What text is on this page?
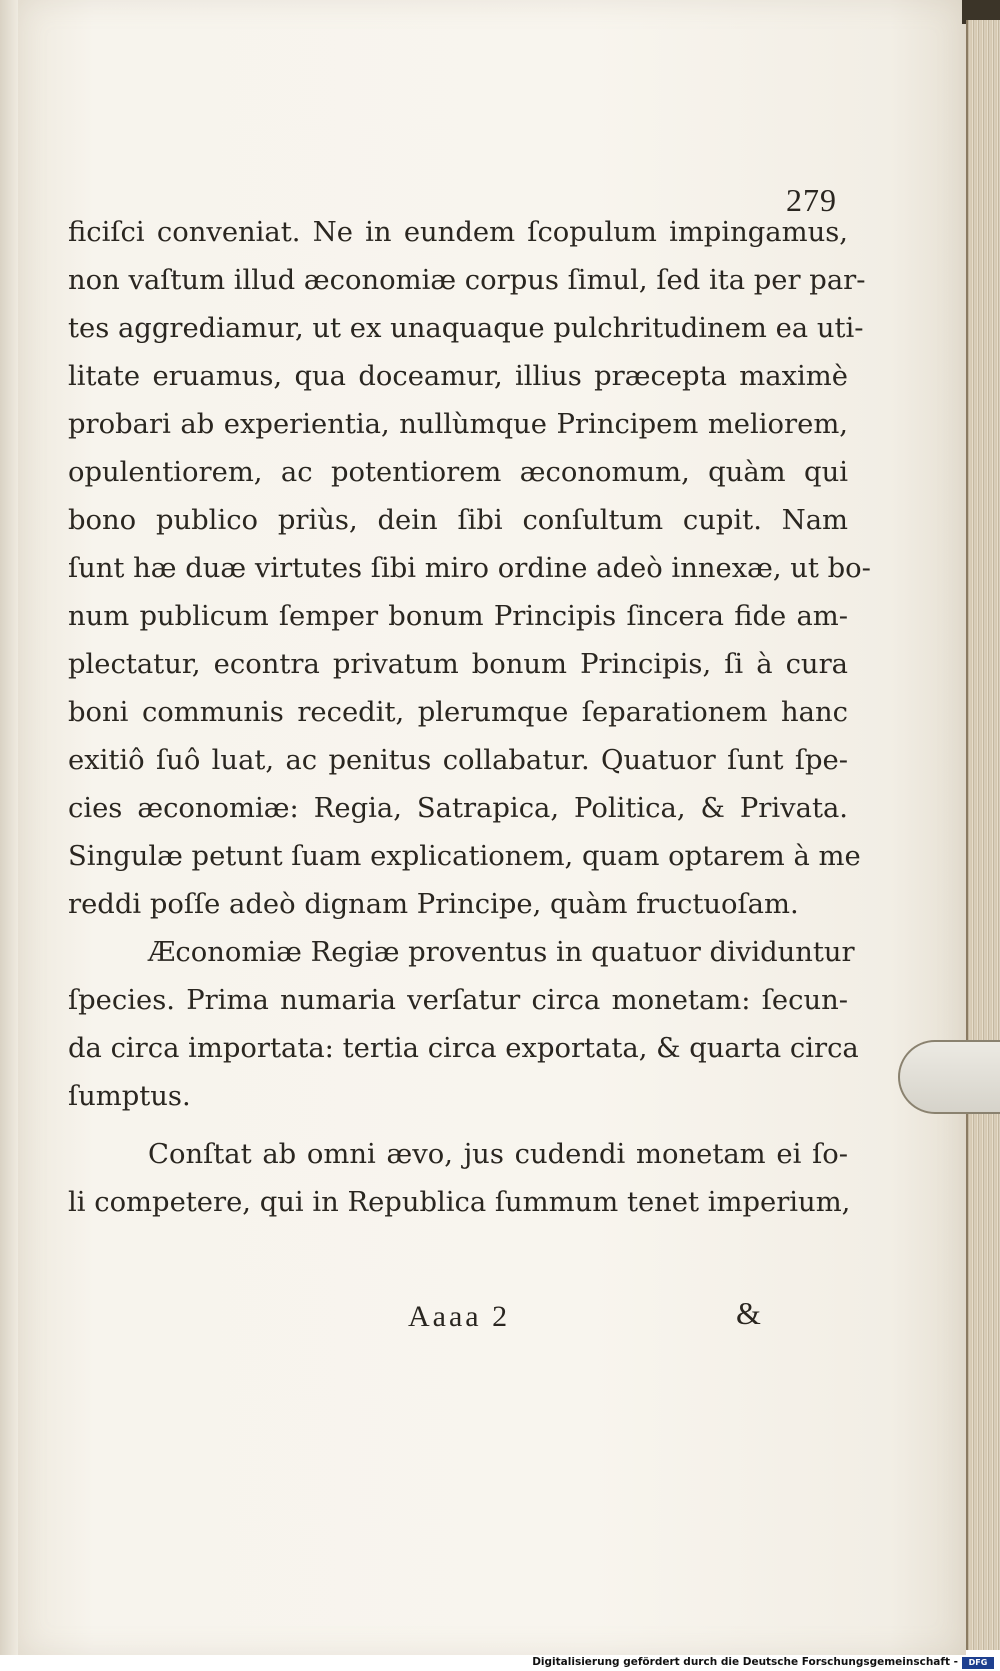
279
ficiſci conveniat. Ne in eundem ſcopulum impingamus,
non vaſtum illud æconomiæ corpus ſimul, ſed ita per par-
tes aggrediamur, ut ex unaquaque pulchritudinem ea uti-
litate eruamus, qua doceamur, illius præcepta maximè
probari ab experientia, nullùmque Principem meliorem,
opulentiorem, ac potentiorem æconomum, quàm qui
bono publico priùs, dein ſibi conſultum cupit. Nam
ſunt hæ duæ virtutes ſibi miro ordine adeò innexæ, ut bo-
num publicum ſemper bonum Principis ſincera fide am-
plectatur, econtra privatum bonum Principis, ſi à cura
boni communis recedit, plerumque ſeparationem hanc
exitiô ſuô luat, ac penitus collabatur. Quatuor ſunt ſpe-
cies æconomiæ: Regia, Satrapica, Politica, & Privata.
Singulæ petunt ſuam explicationem, quam optarem à me
reddi poſſe adeò dignam Principe, quàm fructuoſam.
Æconomiæ Regiæ proventus in quatuor dividuntur
ſpecies. Prima numaria verſatur circa monetam: ſecun-
da circa importata: tertia circa exportata, & quarta circa
ſumptus.
Conſtat ab omni ævo, jus cudendi monetam ei ſo-
li competere, qui in Republica ſummum tenet imperium,
Aaaa 2	&
Digitalisierung gefördert durch die Deutsche Forschungsgemeinschaft -	DFG
